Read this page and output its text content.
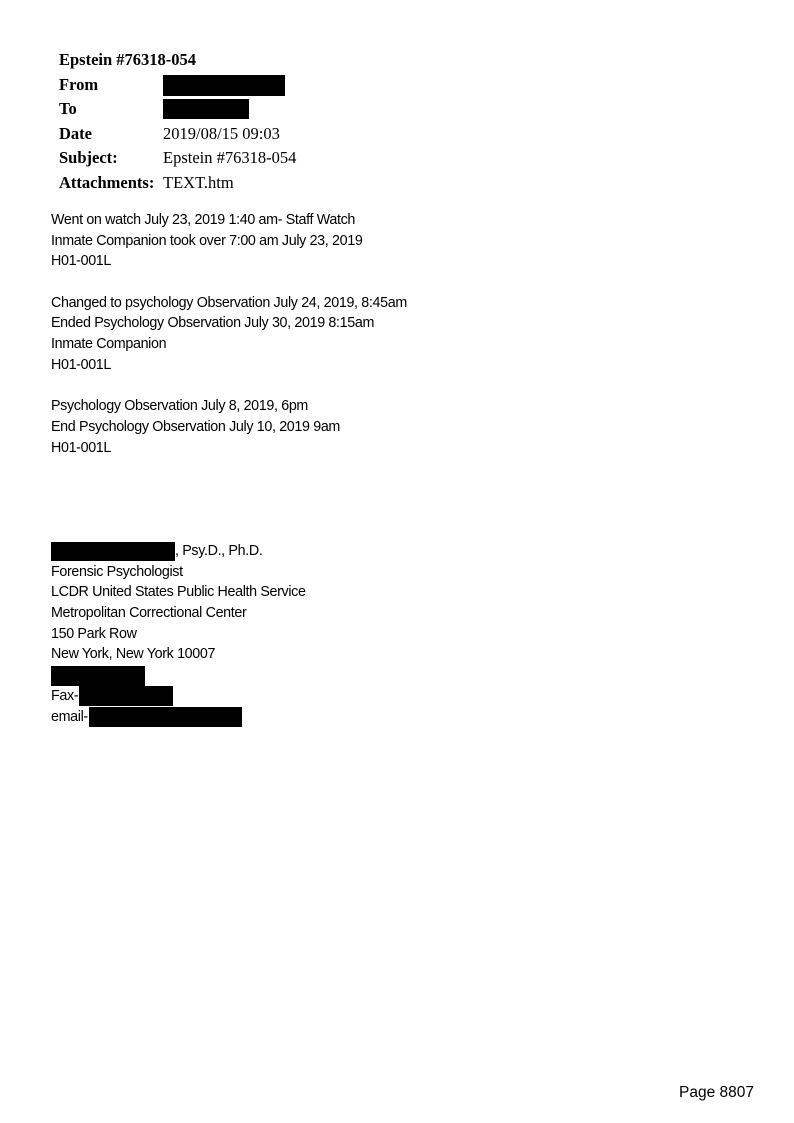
Epstein #76318-054
From
To
Date	2019/08/15 09:03
Subject:	Epstein #76318-054
Attachments: TEXT.htm
Went on watch July 23, 2019 1:40 am- Staff Watch
Inmate Companion took over 7:00 am July 23, 2019
H01-001L
Changed to psychology Observation July 24, 2019, 8:45am
Ended Psychology Observation July 30, 2019 8:15am
Inmate Companion
H01-001L
Psychology Observation July 8, 2019, 6pm
End Psychology Observation July 10, 2019 9am
H01-001L
, Psy.D., Ph.D.
Forensic Psychologist
LCDR United States Public Health Service
Metropolitan Correctional Center
150 Park Row
New York, New York 10007
Fax-
email-
Page 8807
